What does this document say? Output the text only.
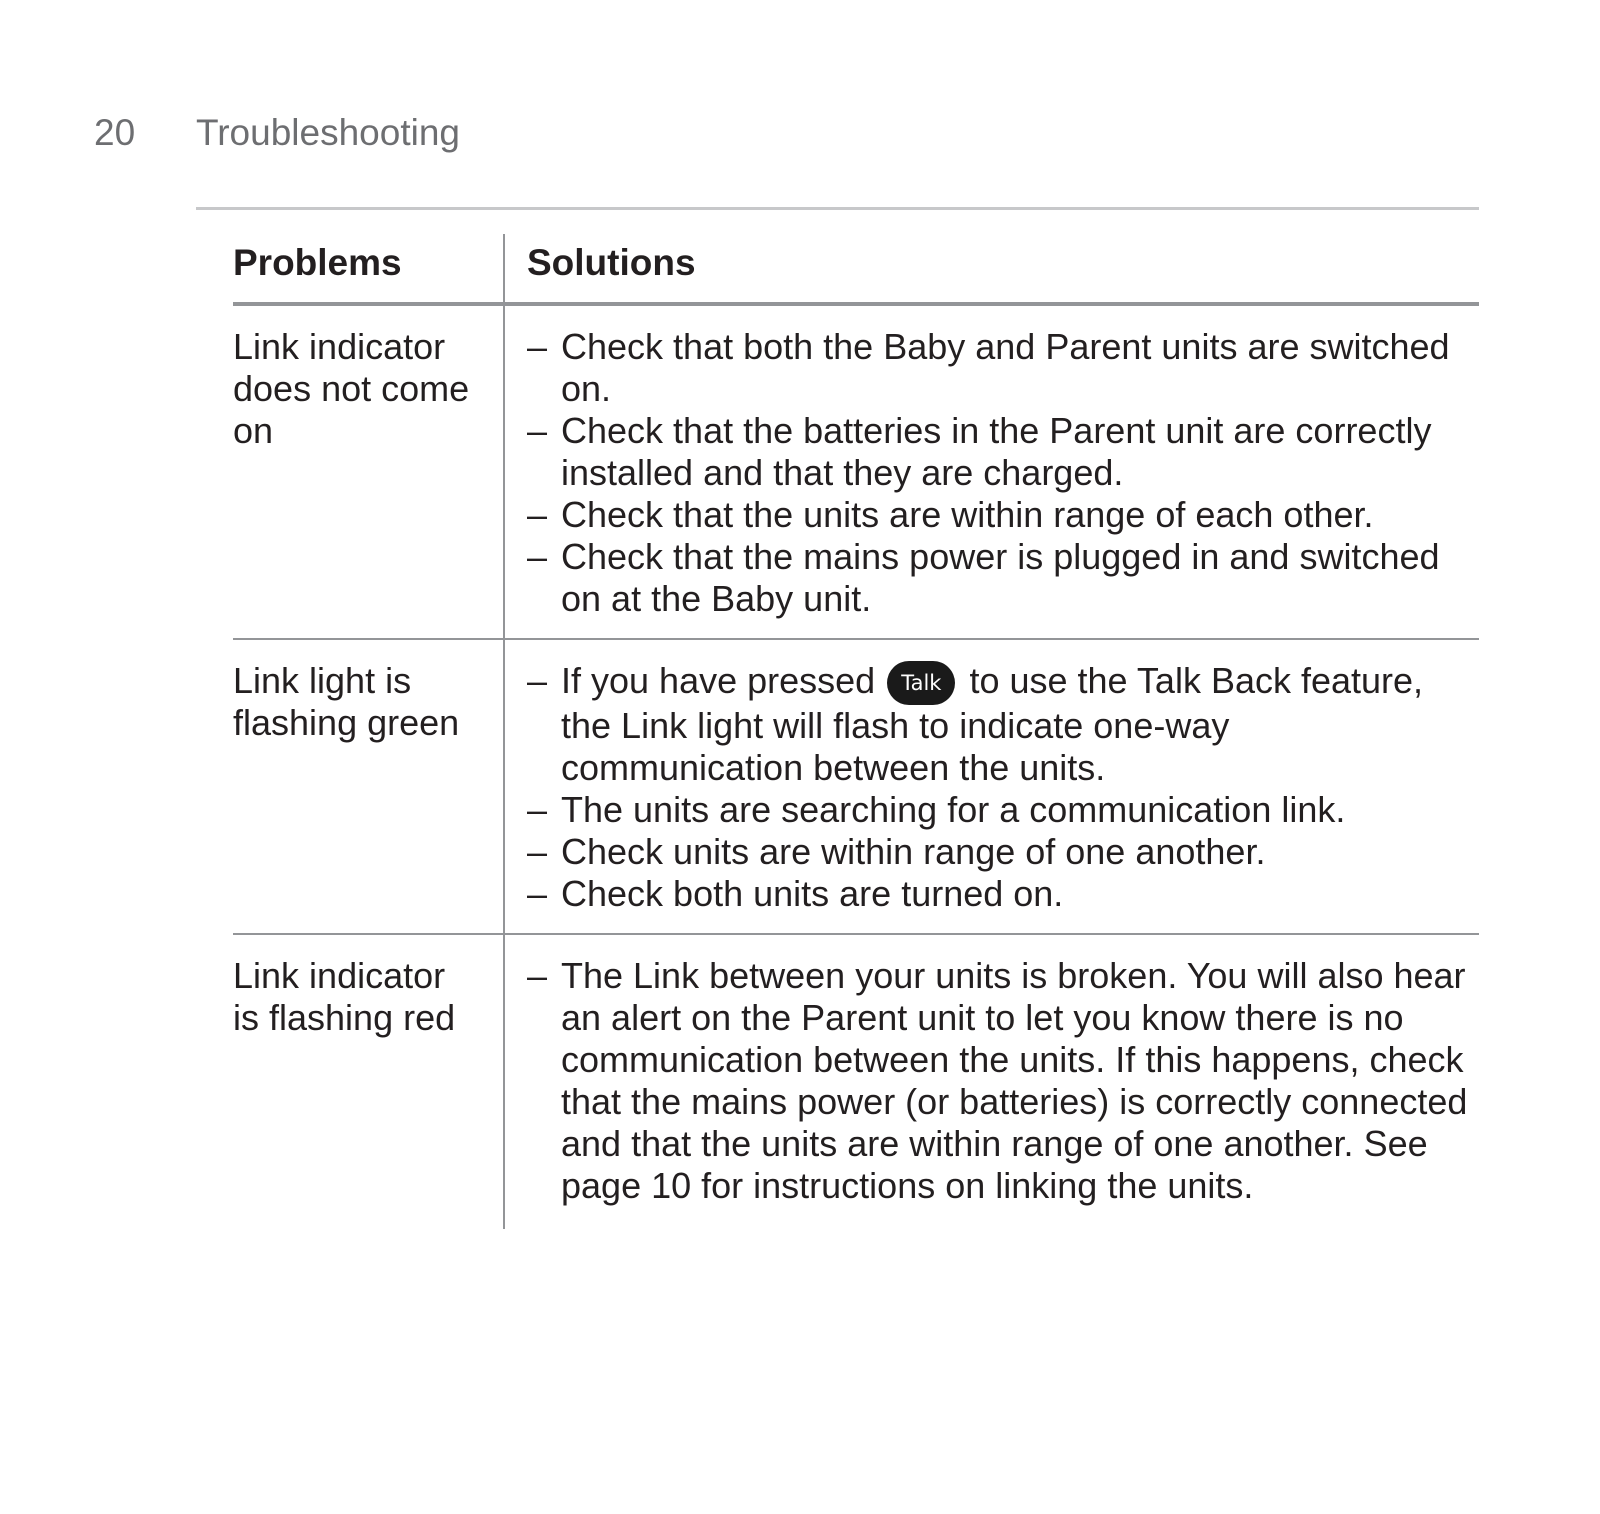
20 Troubleshooting
Problems	Solutions
Link indicator
does not come
on
– Check that both the Baby and Parent units are switched on.
– Check that the batteries in the Parent unit are correctly installed and that they are charged.
– Check that the units are within range of each other.
– Check that the mains power is plugged in and switched on at the Baby unit.
Link light is
flashing green
– If you have pressed Talk to use the Talk Back feature, the Link light will flash to indicate one-way communication between the units.
– The units are searching for a communication link.
– Check units are within range of one another.
– Check both units are turned on.
Link indicator
is flashing red
– The Link between your units is broken. You will also hear an alert on the Parent unit to let you know there is no communication between the units. If this happens, check that the mains power (or batteries) is correctly connected and that the units are within range of one another. See page 10 for instructions on linking the units.
